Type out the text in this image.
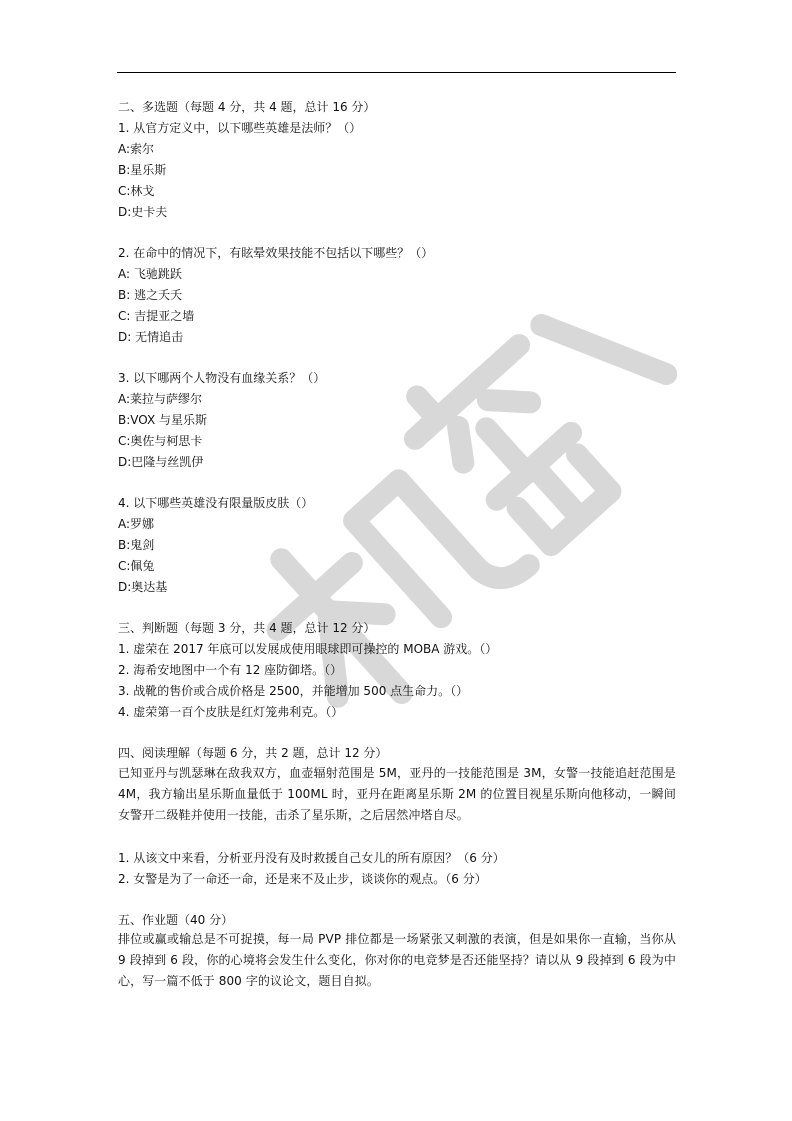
二、多选题（每题 4 分，共 4 题，总计 16 分）
1. 从官方定义中，以下哪些英雄是法师？（）
A:索尔
B:星乐斯
C:林戈
D:史卡夫
2. 在命中的情况下，有眩晕效果技能不包括以下哪些？（）
A: 飞驰跳跃
B: 逃之夭夭
C: 吉提亚之墙
D: 无情追击
3. 以下哪两个人物没有血缘关系？（）
A:莱拉与萨缪尔
B:VOX 与星乐斯
C:奥佐与柯思卡
D:巴隆与丝凯伊
4. 以下哪些英雄没有限量版皮肤（）
A:罗娜
B:鬼剑
C:佩兔
D:奥达基
三、判断题（每题 3 分，共 4 题，总计 12 分）
1. 虚荣在 2017 年底可以发展成使用眼球即可操控的 MOBA 游戏。（）
2. 海希安地图中一个有 12 座防御塔。（）
3. 战靴的售价或合成价格是 2500，并能增加 500 点生命力。（）
4. 虚荣第一百个皮肤是红灯笼弗利克。（）
四、阅读理解（每题 6 分，共 2 题，总计 12 分）
已知亚丹与凯瑟琳在敌我双方，血壶辐射范围是 5M，亚丹的一技能范围是 3M，女警一技能追赶范围是 4M，我方输出星乐斯血量低于 100ML 时，亚丹在距离星乐斯 2M 的位置目视星乐斯向他移动，一瞬间女警开二级鞋并使用一技能，击杀了星乐斯，之后居然冲塔自尽。
1. 从该文中来看，分析亚丹没有及时救援自己女儿的所有原因？（6 分）
2. 女警是为了一命还一命，还是来不及止步，谈谈你的观点。（6 分）
五、作业题（40 分）
排位或赢或输总是不可捉摸，每一局 PVP 排位都是一场紧张又刺激的表演，但是如果你一直输，当你从 9 段掉到 6 段，你的心境将会发生什么变化，你对你的电竞梦是否还能坚持？请以从 9 段掉到 6 段为中心，写一篇不低于 800 字的议论文，题目自拟。
